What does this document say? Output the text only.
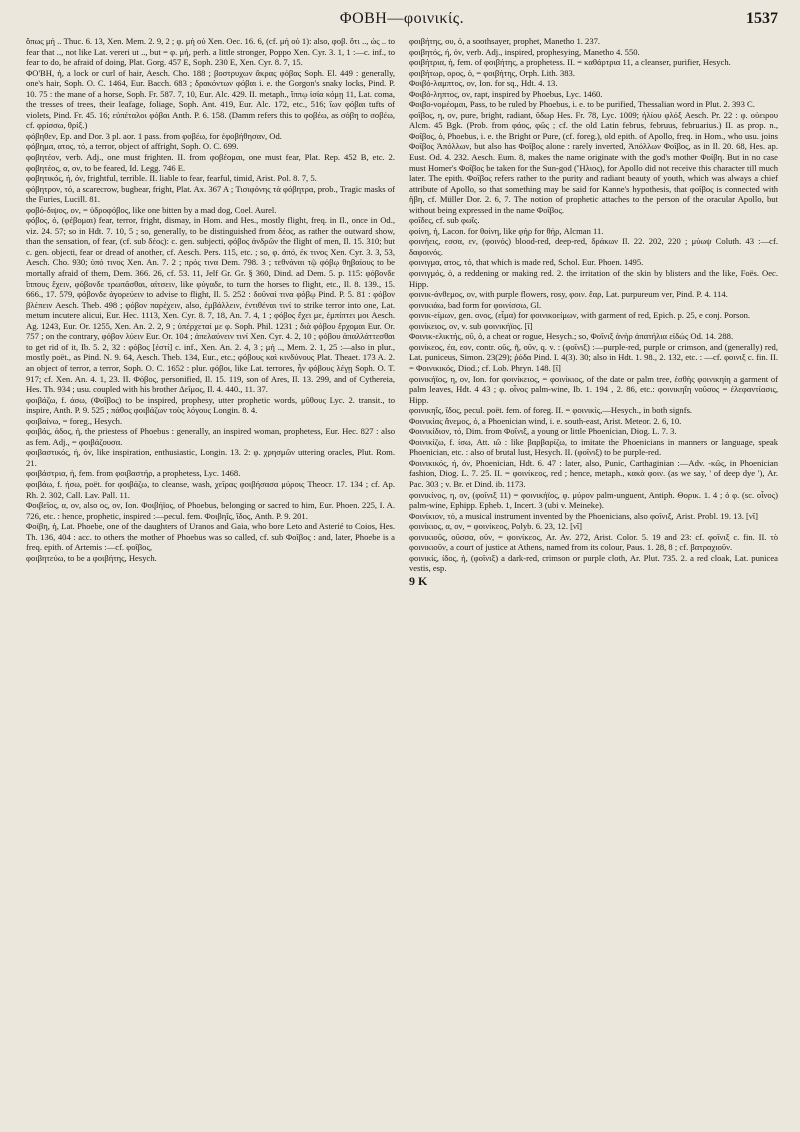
ΦΟΒΗ—φοινικίς.	1537

ὅπως μή .. Thuc. 6. 13, Xen. Mem. 2. 9, 2 ; φ. μὴ οὐ Xen. Oec. 16. 6, (cf. μή οὐ 1): also, φοβ. ὅτι .., ὡς .. to fear that .., not like Lat. vereri ut .., but = φ. μή, perh. a little stronger, Poppo Xen. Cyr. 3. 1, 1 :—c. inf., to fear to do, be afraid of doing, Plat. Gorg. 457 E, Soph. 230 E, Xen. Cyr. 8. 7, 15.

ΦΟ'ΒΗ, ἡ, a lock or curl of hair, Aesch. Cho. 188 ; βοστρυχων ἄκρας φόβας Soph. El. 449 : generally, one's hair, Soph. O. C. 1464, Eur. Bacch. 683 ; δρακόντων φόβαι i. e. the Gorgon's snaky locks, Pind. P. 10. 75 : the mane of a horse, Soph. Fr. 587. 7, 10, Eur. Alc. 429. II. metaph., ἴππῳ ἰσία κόμῃ 11, Lat. coma, the tresses of trees, their leafage, foliage, Soph. Ant. 419, Eur. Alc. 172, etc., 516; ἴων φόβαι tufts of violets, Pind. Fr. 45. 16; εὐπέταλοι φόβαι Anth. P. 6. 158. (Damm refers this to φοβέω, as σόβη to σοβέω, cf. φρίσσω, θρίξ.)

φόβηθεν, Ep. and Dor. 3 pl. aor. 1 pass. from φοβέω, for ἐφοβήθησαν, Od.

φόβημα, ατος, τό, a terror, object of affright, Soph. O. C. 699.

φοβητέον, verb. Adj., one must frighten. II. from φοβέομαι, one must fear, Plat. Rep. 452 B, etc. 2. φοβητέος, α, ον, to be feared, Id. Legg. 746 E.

φοβητικός, ή, όν, frightful, terrible. II. liable to fear, fearful, timid, Arist. Pol. 8. 7, 5.

φόβητρον, τό, a scarecrow, bugbear, fright, Plat. Ax. 367 A ; Τισιφόνης τὰ φόβητρα, prob., Tragic masks of the Furies, Lucill. 81.

φοβό-διψος, ον, = ὑδροφόβος, like one bitten by a mad dog, Coel. Aurel.

φόβος, ὁ, (φέβομαι) fear, terror, fright, dismay, in Hom. and Hes., mostly flight, freq. in Il., once in Od., viz. 24. 57; so in Hdt. 7. 10, 5 ; so, generally, to be distinguished from δέος, as rather the outward show, than the sensation, of fear, (cf. sub δέος): c. gen. subjecti, φόβος ἀνδρῶν the flight of men, Il. 15. 310; but c. gen. objecti, fear or dread of another, cf. Aesch. Pers. 115, etc. ; so, φ. ἀπό, ἐκ τινος Xen. Cyr. 3. 3, 53, Aesch. Cho. 930; ὑπό τινος Xen. An. 7. 2 ; πρός τινα Dem. 798. 3 ; τεθνάναι τῷ φόβῳ θηβαίους to be mortally afraid of them, Dem. 366. 26, cf. 53. 11, Jelf Gr. Gr. § 360, Dind. ad Dem. 5. p. 115: φόβονδε ἵππους ἔχειν, φόβονδε τρωπᾶσθαι, αἰτσειν, like φύγαδε, to turn the horses to flight, etc., Il. 8. 139., 15. 666., 17. 579, φόβονδε ἀγορεύειν to advise to flight, Il. 5. 252 : δοῦναί τινα φόβῳ Pind. P. 5. 81 : φόβον βλέπειν Aesch. Theb. 498 ; φόβον παρέχειν, also, ἐμβάλλειν, ἐντιθέναι τινί to strike terror into one, Lat. metum incutere alicui, Eur. Hec. 1113, Xen. Cyr. 8. 7, 18, An. 7. 4, 1 ; φόβος ἔχει με, ἐμπίπτει μοι Aesch. Ag. 1243, Eur. Or. 1255, Xen. An. 2. 2, 9 ; ὑπέρχεταί με φ. Soph. Phil. 1231 ; διὰ φόβου ἔρχομαι Eur. Or. 757 ; on the contrary, φόβον λύειν Eur. Or. 104 ; ἀπελαύνειν τινί Xen. Cyr. 4. 2, 10 ; φόβου ἀπαλλάττεσθαι to get rid of it, Ib. 5. 2, 32 : φόβος [ἐστί] c. inf., Xen. An. 2. 4, 3 ; μή .., Mem. 2. 1, 25 :—also in plur., mostly poët., as Pind. N. 9. 64, Aesch. Theb. 134, Eur., etc.; φόβους καὶ κινδύνους Plat. Theaet. 173 A. 2. an object of terror, a terror, Soph. O. C. 1652 : plur. φόβοι, like Lat. terrores, ἦν φόβους λέγῃ Soph. O. T. 917; cf. Xen. An. 4. 1, 23. II. Φόβος, personified, Il. 15. 119, son of Ares, Il. 13. 299, and of Cythereia, Hes. Th. 934 ; usu. coupled with his brother Δεῖμος, Il. 4. 440., 11. 37.

φοιβάζω, f. άσω, (Φοῖβος) to be inspired, prophesy, utter prophetic words, μῦθους Lyc. 2. transit., to inspire, Anth. P. 9. 525 ; πάθος φοιβάζων τοὺς λόγους Longin. 8. 4.

φοιβαίνω, = foreg., Hesych.

φοιβάς, άδος, ἡ, the priestess of Phoebus : generally, an inspired woman, prophetess, Eur. Hec. 827 : also as fem. Adj., = φοιβάζουσα.

φοιβαστικός, ή, όν, like inspiration, enthusiastic, Longin. 13. 2: φ. χρησμῶν uttering oracles, Plut. Rom. 21.

φοιβάστρια, ἡ, fem. from φοιβαστήρ, a prophetess, Lyc. 1468.

φοιβάω, f. ήσω, poët. for φοιβάζω, to cleanse, wash, χεῖρας φοιβήσασα μύροις Theocr. 17. 134 ; cf. Ap. Rh. 2. 302, Call. Lav. Pall. 11.

Φοιβεῖος, α, ον, also ος, ον, Ion. Φοιβήϊος, of Phoebus, belonging or sacred to him, Eur. Phoen. 225, I. A. 726, etc. : hence, prophetic, inspired :—pecul. fem. Φοιβηΐς, ἴδος, Anth. P. 9. 201.

Φοίβη, ἡ, Lat. Phoebe, one of the daughters of Uranos and Gaia, who bore Leto and Asterié to Coios, Hes. Th. 136, 404 : acc. to others the mother of Phoebus was so called, cf. sub Φοῖβος : and, later, Phoebe is a freq. epith. of Artemis :—cf. φοῖβος,

φοιβητεύω, to be a φοιβήτης, Hesych.

φοιβήτης, ου, ὁ, a soothsayer, prophet, Manetho 1. 237.

φοιβητός, ή, όν, verb. Adj., inspired, prophesying, Manetho 4. 550.

φοιβήτρια, ἡ, fem. of φοιβήτης, a prophetess. II. = καθάρτρια 11, a cleanser, purifier, Hesych.

φοιβήτωρ, ορος, ὁ, = φοιβήτης, Orph. Lith. 383.

Φοιβό-λαμπτος, ον, Ion. for sq., Hdt. 4. 13.

Φοιβό-ληπτος, ον, rapt, inspired by Phoebus, Lyc. 1460.

Φοιβο-νομέομαι, Pass, to be ruled by Phoebus, i. e. to be purified, Thessalian word in Plut. 2. 393 C.

φοῖβος, η, ον, pure, bright, radiant, ὕδωρ Hes. Fr. 78, Lyc. 1009; ἡλίου φλόξ Aesch. Pr. 22 : φ. οὐειρου Alcm. 45 Bgk. (Prob. from φάος, φῶς ; cf. the old Latin februs, februus, februarius.) II. as prop. n., Φοῖβος, ὁ, Phoebus, i. e. the Bright or Pure, (cf. foreg.), old epith. of Apollo, freq. in Hom., who usu. joins Φοῖβος Ἀπόλλων, but also has Φοῖβος alone : rarely inverted, Ἀπόλλων Φοῖβος, as in Il. 20. 68, Hes. ap. Eust. Od. 4. 232. Aesch. Eum. 8, makes the name originate with the god's mother Φοίβη. But in no case must Homer's Φοῖβος be taken for the Sun-god (Ἥλιος), for Apollo did not receive this character till much later. The epith. Φοῖβος refers rather to the purity and radiant beauty of youth, which was always a chief attribute of Apollo, so that something may be said for Kanne's hypothesis, that φοῖβος is connected with ἥβη, cf. Müller Dor. 2. 6, 7. The notion of prophetic attaches to the person of the oracular Apollo, but without being expressed in the name Φοῖβος.

φοῖδες, cf. sub φωΐς.

φοίνη, ἡ, Lacon. for θοίνη, like φήρ for θήρ, Alcman 11.

φοινήεις, εσσα, εν, (φοινός) blood-red, deep-red, δράκων Il. 22. 202, 220 ; μύωψ Coluth. 43 :—cf. δαφοινός.

φοινιγμα, ατος, τό, that which is made red, Schol. Eur. Phoen. 1495.

φοινιγμός, ὁ, a reddening or making red. 2. the irritation of the skin by blisters and the like, Foës. Oec. Hipp.

φοινικ-άνθεμος, ον, with purple flowers, rosy, φοιν. ἔαρ, Lat. purpureum ver, Pind. P. 4. 114.

φοινικιάω, bad form for φοινίσσω, Gl.

φοινικ-είμων, gen. ονος, (εἷμα) for φοινικοείμων, with garment of red, Epich. p. 25, e conj. Porson.

φοινίκειος, ον, v. sub φοινικήϊος. [ῐ]

Φοινικ-ελικτής, οῦ, ὁ, a cheat or rogue, Hesych.; so, Φοῖνιξ ἀνὴρ ἀπατήλια εἰδώς Od. 14. 288.

φοινίκεος, έα, εον, contr. οῦς, ῆ, οῦν, q. v. : (φοῖνιξ) :—purple-red, purple or crimson, and (generally) red, Lat. puniceus, Simon. 23(29); ῥόδα Pind. I. 4(3). 30; also in Hdt. 1. 98., 2. 132, etc. : —cf. φοινιξ c. fin. II. = Φοινικικός, Diod.; cf. Lob. Phryn. 148. [ῐ]

φοινικήϊος, η, ον, Ion. for φοινίκειος, = φοινίκιος, of the date or palm tree, ἐσθὴς φοινικηίη a garment of palm leaves, Hdt. 4 43 ; φ. οἶνος palm-wine, Ib. 1. 194 , 2. 86, etc.: φοινικηΐη νοῦσος = ἐλεφαντίασις, Hipp.

φοινικηΐς, ΐδος, pecul. poët. fem. of foreg. II. = φοινικίς,—Hesych., in both signfs.

Φοινικίας ἄνεμος, ὁ, a Phoenician wind, i. e. south-east, Arist. Meteor. 2. 6, 10.

Φοινικίδιον, τό, Dim. from Φοῖνιξ, a young or little Phoenician, Diog. L. 7. 3.

Φοινικίζω, f. ίσω, Att. ιῶ : like βαρβαρίζω, to imitate the Phoenicians in manners or language, speak Phoenician, etc. : also of brutal lust, Hesych. II. (φοῖνιξ) to be purple-red.

Φοινικικός, ή, όν, Phoenician, Hdt. 6. 47 : later, also, Punic, Carthaginian :—Adv. -κῶς, in Phoenician fashion, Diog. L. 7. 25. II. = φοινίκεος, red ; hence, metaph., κακὰ φοιν. (as we say, ' of deep dye '), Ar. Pac. 303 ; v. Br. et Dind. ib. 1173.

φοινικίνος, η, ον, (φοῖνιξ 11) = φοινικήϊος, φ. μύρον palm-unguent, Antiph. Θορικ. 1. 4 ; ὁ φ. (sc. οἶνος) palm-wine, Ephipp. Epheb. 1, Incert. 3 (ubi v. Meineke).

Φοινίκιον, τό, a musical instrument invented by the Phoenicians, also φοῖνιξ, Arist. Probl. 19. 13. [νῐ]

φοινίκιος, α, ον, = φοινίκεος, Polyb. 6. 23, 12. [νῐ]

φοινικιοῦς, οῦσσα, οῦν, = φοινίκεος, Ar. Av. 272, Arist. Color. 5. 19 and 23: cf. φοῖνιξ c. fin. II. τὸ φοινικιοῦν, a court of justice at Athens, named from its colour, Paus. 1. 28, 8 ; cf. βατραχιοῦν.

φοινικίς, ίδος, ἡ, (φοῖνιξ) a dark-red, crimson or purple cloth, Ar. Plut. 735. 2. a red cloak, Lat. punicea vestis, esp.

9 K
